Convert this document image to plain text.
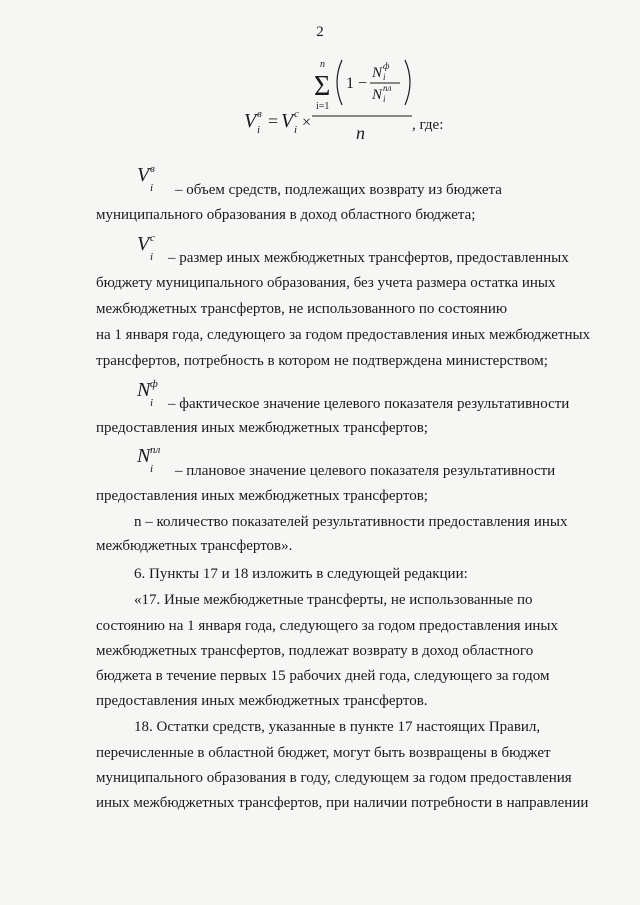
2
V в
i = V c
i ×
n
Σ
i=1
1 −
N ф
i
N пл
i
n	, где:
V в
i – объем средств, подлежащих возврату из бюджета
муниципального образования в доход областного бюджета;
V c
i – размер иных межбюджетных трансфертов, предоставленных
бюджету муниципального образования, без учета размера остатка иных
межбюджетных трансфертов, не использованного по состоянию
на 1 января года, следующего за годом предоставления иных межбюджетных
трансфертов, потребность в котором не подтверждена министерством;
N ф
i – фактическое значение целевого показателя результативности
предоставления иных межбюджетных трансфертов;
N пл
i – плановое значение целевого показателя результативности
предоставления иных межбюджетных трансфертов;
n – количество показателей результативности предоставления иных
межбюджетных трансфертов».
6. Пункты 17 и 18 изложить в следующей редакции:
«17. Иные межбюджетные трансферты, не использованные по
состоянию на 1 января года, следующего за годом предоставления иных
межбюджетных трансфертов, подлежат возврату в доход областного
бюджета в течение первых 15 рабочих дней года, следующего за годом
предоставления иных межбюджетных трансфертов.
18. Остатки средств, указанные в пункте 17 настоящих Правил,
перечисленные в областной бюджет, могут быть возвращены в бюджет
муниципального образования в году, следующем за годом предоставления
иных межбюджетных трансфертов, при наличии потребности в направлении
